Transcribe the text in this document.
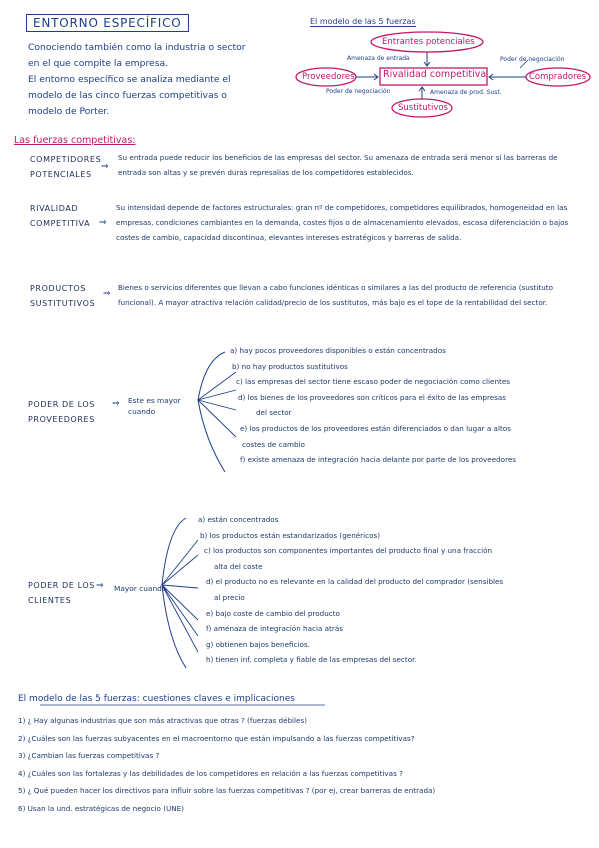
ENTORNO ESPECÍFICO
Conociendo también como la industria o sector
en el que compite la empresa.
El entorno específico se analiza mediante el
modelo de las cinco fuerzas competitivas o
modelo de Porter.
El modelo de las 5 fuerzas
Entrantes potenciales
Amenaza de entrada
Proveedores	Rivalidad competitiva
Poder de negociación
Compradores
Poder de negociación	Amenaza de prod. Sust.
Sustitutivos
Las fuerzas competitivas:
COMPETIDORES POTENCIALES
⇒
Su entrada puede reducir los beneficios de las empresas del sector. Su amenaza de entrada será menor si las barreras de entrada son altas y se prevén duras represalias de los competidores establecidos.
RIVALIDAD COMPETITIVA ⇒
Su intensidad depende de factores estructurales: gran nº de competidores, competidores equilibrados, homogeneidad en las empresas, condiciones cambiantes en la demanda, costes fijos o de almacenamiento elevados, escasa diferenciación o bajos costes de cambio, capacidad discontinua, elevantes intereses estratégicos y barreras de salida.
PRODUCTOS SUSTITUTIVOS
⇒
Bienes o servicios diferentes que llevan a cabo funciones idénticas o similares a las del producto de referencia (sustituto funcional). A mayor atractiva relación calidad/precio de los sustitutos, más bajo es el tope de la rentabilidad del sector.
PODER DE LOS PROVEEDORES
⇒ Este es mayor cuando
a) hay pocos proveedores disponibles o están concentrados
b) no hay productos sustitutivos
c) las empresas del sector tiene escaso poder de negociación como clientes
d) los bienes de los proveedores son críticos para el éxito de las empresas
del sector
e) los productos de los proveedores están diferenciados o dan lugar a altos
costes de cambio
f) existe amenaza de integración hacia delante por parte de los proveedores
PODER DE LOS CLIENTES
⇒ Mayor cuando
a) están concentrados
b) los productos están estandarizados (genéricos)
c) los productos son componentes importantes del producto final y una fracción
alta del coste
d) el producto no es relevante en la calidad del producto del comprador (sensibles
al precio
e) bajo coste de cambio del producto
f) amenaza de integración hacia atrás
g) obtienen bajos beneficios.
h) tienen inf. completa y fiable de las empresas del sector.
El modelo de las 5 fuerzas: cuestiones claves e implicaciones
1) ¿ Hay algunas industrias que son más atractivas que otras ? (fuerzas débiles)
2) ¿Cuáles son las fuerzas subyacentes en el macroentorno que están impulsando a las fuerzas competitivas?
3) ¿Cambian las fuerzas competitivas ?
4) ¿Cuáles son las fortalezas y las debilidades de los competidores en relación a las fuerzas competitivas ?
5) ¿ Qué pueden hacer los directivos para influir sobre las fuerzas competitivas ? (por ej, crear barreras de entrada)
6) Usan la und. estratégicas de negocio (UNE)
